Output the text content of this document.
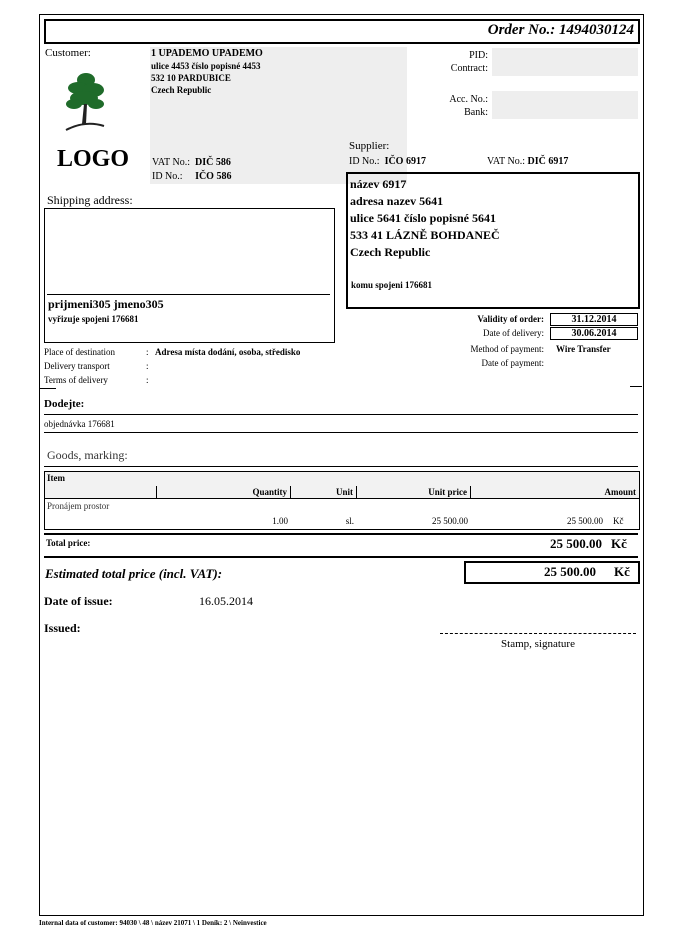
Order No.: 1494030124
Customer:	1 UPADEMO UPADEMO
ulice 4453 číslo popisné 4453
532 10 PARDUBICE
Czech Republic
LOGO VAT No.: DIČ 586
ID No.: IČO 586
PID:
Contract:
Acc. No.:
Bank:
Supplier:
ID No.: IČO 6917	VAT No.: DIČ 6917
název 6917
adresa nazev 5641
ulice 5641 číslo popisné 5641
533 41 LÁZNĚ BOHDANEČ
Czech Republic
komu spojeni 176681
Shipping address:
prijmeni305 jmeno305
vyřizuje spojeni 176681	Validity of order:	31.12.2014
Date of delivery:	30.06.2014
Method of payment: Wire Transfer
Date of payment:
Place of destination	: Adresa místa dodání, osoba, středisko
Delivery transport	:
Terms of delivery	:
Dodejte:
objednávka 176681
Goods, marking:
Item
Quantity	Unit	Unit price	Amount
Pronájem prostor
1.00	sl.	25 500.00	25 500.00 Kč
Total price:	25 500.00 Kč
Estimated total price (incl. VAT):	25 500.00 Kč
Date of issue:	16.05.2014
Issued:
Stamp, signature
Internal data of customer: 94030 \ 48 \ název 21071 \ 1 Deník: 2 \ Neinvestice
